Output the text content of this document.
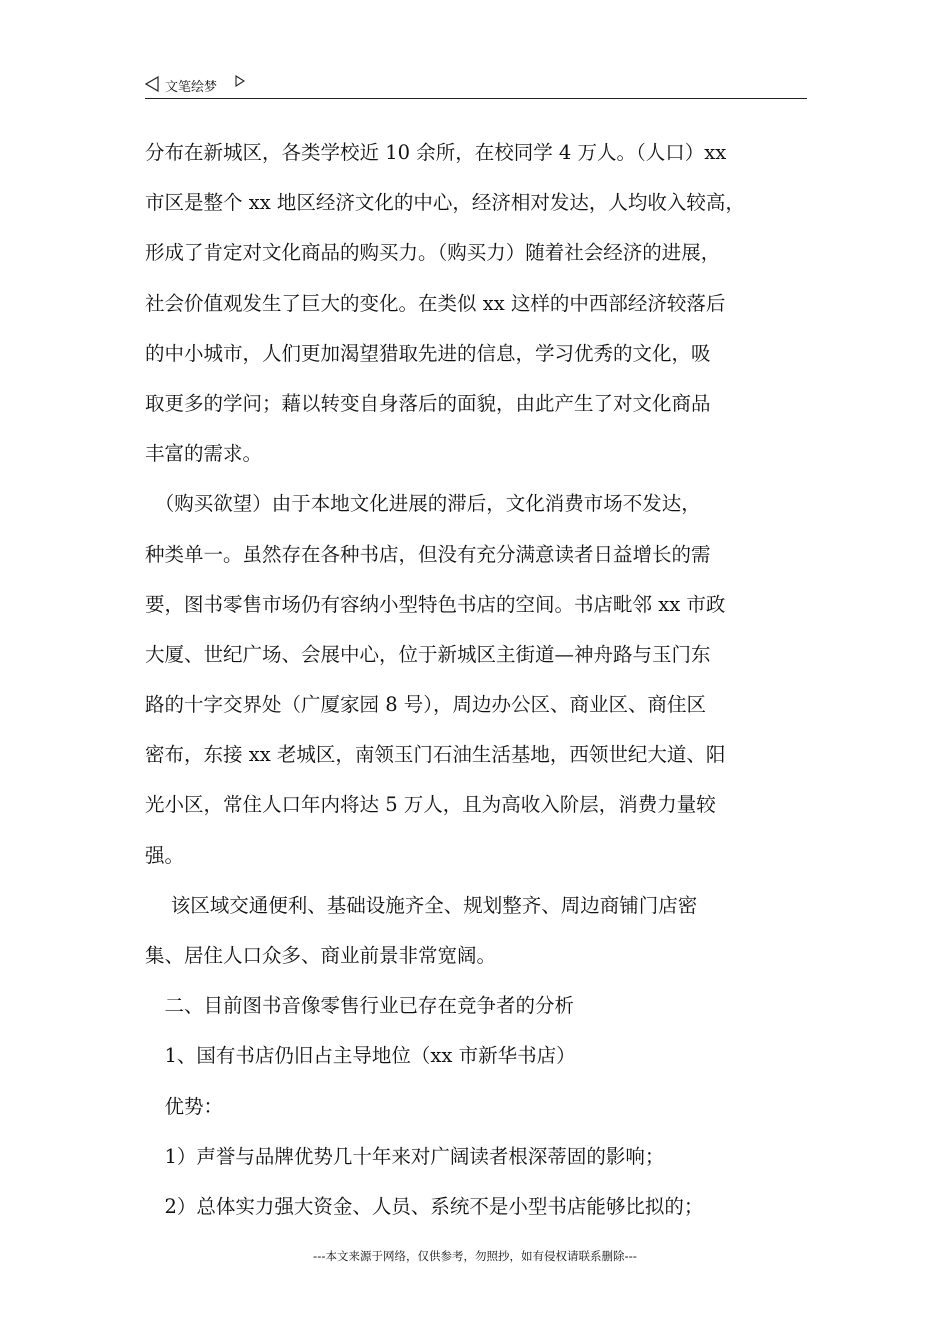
文笔绘梦
分布在新城区，各类学校近 10 余所，在校同学 4 万人。（人口）xx
市区是整个 xx 地区经济文化的中心，经济相对发达，人均收入较高，
形成了肯定对文化商品的购买力。（购买力）随着社会经济的进展，
社会价值观发生了巨大的变化。在类似 xx 这样的中西部经济较落后
的中小城市，人们更加渴望猎取先进的信息，学习优秀的文化，吸
取更多的学问；藉以转变自身落后的面貌，由此产生了对文化商品
丰富的需求。
　（购买欲望）由于本地文化进展的滞后，文化消费市场不发达，
种类单一。虽然存在各种书店，但没有充分满意读者日益增长的需
要，图书零售市场仍有容纳小型特色书店的空间。书店毗邻 xx 市政
大厦、世纪广场、会展中心，位于新城区主街道—神舟路与玉门东
路的十字交界处（广厦家园 8 号），周边办公区、商业区、商住区
密布，东接 xx 老城区，南领玉门石油生活基地，西领世纪大道、阳
光小区，常住人口年内将达 5 万人，且为高收入阶层，消费力量较
强。
　 该区域交通便利、基础设施齐全、规划整齐、周边商铺门店密
集、居住人口众多、商业前景非常宽阔。
　二、目前图书音像零售行业已存在竞争者的分析
　1、国有书店仍旧占主导地位（xx 市新华书店）
　优势：
　1）声誉与品牌优势几十年来对广阔读者根深蒂固的影响；
　2）总体实力强大资金、人员、系统不是小型书店能够比拟的；
---本文来源于网络，仅供参考，勿照抄，如有侵权请联系删除---
